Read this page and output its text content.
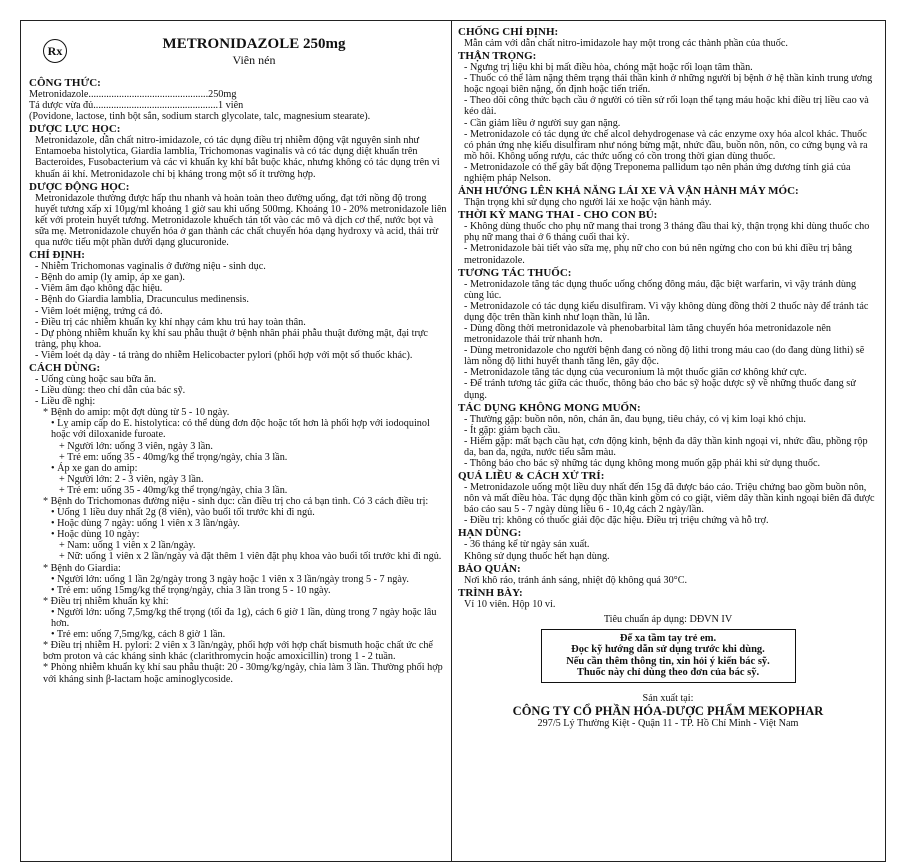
Rx	METRONIDAZOLE 250mg
Viên nén
CÔNG THỨC:
Metronidazole ............................................... 250mg
Tá dược vừa đủ ................................................. 1 viên
(Povidone, lactose, tinh bột sắn, sodium starch glycolate, talc, magnesium stearate).
DƯỢC LỰC HỌC:
Metronidazole, dẫn chất nitro-imidazole, có tác dụng điều trị nhiễm động vật nguyên sinh như Entamoeba histolytica, Giardia lamblia, Trichomonas vaginalis và có tác dụng diệt khuẩn trên Bacteroides, Fusobacterium và các vi khuẩn kỵ khí bắt buộc khác, nhưng không có tác dụng trên vi khuẩn ái khí. Metronidazole chỉ bị kháng trong một số ít trường hợp.
DƯỢC ĐỘNG HỌC:
Metronidazole thường được hấp thu nhanh và hoàn toàn theo đường uống, đạt tới nồng độ trong huyết tương xấp xỉ 10µg/ml khoảng 1 giờ sau khi uống 500mg. Khoảng 10 - 20% metronidazole liên kết với protein huyết tương. Metronidazole khuếch tán tốt vào các mô và dịch cơ thể, nước bọt và sữa mẹ. Metronidazole chuyển hóa ở gan thành các chất chuyển hóa dạng hydroxy và acid, thải trừ qua nước tiểu một phần dưới dạng glucuronide.
CHỈ ĐỊNH:
- Nhiễm Trichomonas vaginalis ở đường niệu - sinh dục.
- Bệnh do amip (lỵ amip, áp xe gan).
- Viêm âm đạo không đặc hiệu.
- Bệnh do Giardia lamblia, Dracunculus medinensis.
- Viêm loét miệng, trứng cá đỏ.
- Điều trị các nhiễm khuẩn kỵ khí nhạy cảm khu trú hay toàn thân.
- Dự phòng nhiễm khuẩn kỵ khí sau phẫu thuật ở bệnh nhân phải phẫu thuật đường mật, đại trực tràng, phụ khoa.
- Viêm loét dạ dày - tá tràng do nhiễm Helicobacter pylori (phối hợp với một số thuốc khác).
CÁCH DÙNG:
- Uống cùng hoặc sau bữa ăn.
- Liều dùng: theo chỉ dẫn của bác sỹ.
- Liều đề nghị:
* Bệnh do amip: một đợt dùng từ 5 - 10 ngày.
• Lỵ amip cấp do E. histolytica: có thể dùng đơn độc hoặc tốt hơn là phối hợp với iodoquinol hoặc với diloxanide furoate.
+ Người lớn: uống 3 viên, ngày 3 lần.
+ Trẻ em: uống 35 - 40mg/kg thể trọng/ngày, chia 3 lần.
• Áp xe gan do amip:
+ Người lớn: 2 - 3 viên, ngày 3 lần.
+ Trẻ em: uống 35 - 40mg/kg thể trọng/ngày, chia 3 lần.
* Bệnh do Trichomonas đường niệu - sinh dục: cần điều trị cho cả bạn tình. Có 3 cách điều trị:
• Uống 1 liều duy nhất 2g (8 viên), vào buổi tối trước khi đi ngủ.
• Hoặc dùng 7 ngày: uống 1 viên x 3 lần/ngày.
• Hoặc dùng 10 ngày:
+ Nam: uống 1 viên x 2 lần/ngày.
+ Nữ: uống 1 viên x 2 lần/ngày và đặt thêm 1 viên đặt phụ khoa vào buổi tối trước khi đi ngủ.
* Bệnh do Giardia:
• Người lớn: uống 1 lần 2g/ngày trong 3 ngày hoặc 1 viên x 3 lần/ngày trong 5 - 7 ngày.
• Trẻ em: uống 15mg/kg thể trọng/ngày, chia 3 lần trong 5 - 10 ngày.
* Điều trị nhiễm khuẩn kỵ khí:
• Người lớn: uống 7,5mg/kg thể trọng (tối đa 1g), cách 6 giờ 1 lần, dùng trong 7 ngày hoặc lâu hơn.
• Trẻ em: uống 7,5mg/kg, cách 8 giờ 1 lần.
* Điều trị nhiễm H. pylori: 2 viên x 3 lần/ngày, phối hợp với hợp chất bismuth hoặc chất ức chế bơm proton và các kháng sinh khác (clarithromycin hoặc amoxicillin) trong 1 - 2 tuần.
* Phòng nhiễm khuẩn kỵ khí sau phẫu thuật: 20 - 30mg/kg/ngày, chia làm 3 lần. Thường phối hợp với kháng sinh β-lactam hoặc aminoglycoside.
CHỐNG CHỈ ĐỊNH:
Mẫn cảm với dẫn chất nitro-imidazole hay một trong các thành phần của thuốc.
THẬN TRỌNG:
- Ngưng trị liệu khi bị mất điều hòa, chóng mặt hoặc rối loạn tâm thần.
- Thuốc có thể làm nặng thêm trạng thái thần kinh ở những người bị bệnh ở hệ thần kinh trung ương hoặc ngoại biên nặng, ổn định hoặc tiến triển.
- Theo dõi công thức bạch cầu ở người có tiền sử rối loạn thể tạng máu hoặc khi điều trị liều cao và kéo dài.
- Cần giảm liều ở người suy gan nặng.
- Metronidazole có tác dụng ức chế alcol dehydrogenase và các enzyme oxy hóa alcol khác. Thuốc có phản ứng nhẹ kiểu disulfiram như nóng bừng mặt, nhức đầu, buồn nôn, nôn, co cứng bụng và ra mồ hôi. Không uống rượu, các thức uống có cồn trong thời gian dùng thuốc.
- Metronidazole có thể gây bất động Treponema pallidum tạo nên phản ứng dương tính giả của nghiệm pháp Nelson.
ẢNH HƯỞNG LÊN KHẢ NĂNG LÁI XE VÀ VẬN HÀNH MÁY MÓC:
Thận trọng khi sử dụng cho người lái xe hoặc vận hành máy.
THỜI KỲ MANG THAI - CHO CON BÚ:
- Không dùng thuốc cho phụ nữ mang thai trong 3 tháng đầu thai kỳ, thận trọng khi dùng thuốc cho phụ nữ mang thai ở 6 tháng cuối thai kỳ.
- Metronidazole bài tiết vào sữa mẹ, phụ nữ cho con bú nên ngừng cho con bú khi điều trị bằng metronidazole.
TƯƠNG TÁC THUỐC:
- Metronidazole tăng tác dụng thuốc uống chống đông máu, đặc biệt warfarin, vì vậy tránh dùng cùng lúc.
- Metronidazole có tác dụng kiểu disulfiram. Vì vậy không dùng đồng thời 2 thuốc này để tránh tác dụng độc trên thần kinh như loạn thần, lú lẫn.
- Dùng đồng thời metronidazole và phenobarbital làm tăng chuyển hóa metronidazole nên metronidazole thải trừ nhanh hơn.
- Dùng metronidazole cho người bệnh đang có nồng độ lithi trong máu cao (do đang dùng lithi) sẽ làm nồng độ lithi huyết thanh tăng lên, gây độc.
- Metronidazole tăng tác dụng của vecuronium là một thuốc giãn cơ không khử cực.
- Để tránh tương tác giữa các thuốc, thông báo cho bác sỹ hoặc dược sỹ về những thuốc đang sử dụng.
TÁC DỤNG KHÔNG MONG MUỐN:
- Thường gặp: buồn nôn, nôn, chán ăn, đau bụng, tiêu chảy, có vị kim loại khó chịu.
- Ít gặp: giảm bạch cầu.
- Hiếm gặp: mất bạch cầu hạt, cơn động kinh, bệnh đa dây thần kinh ngoại vi, nhức đầu, phồng rộp da, ban da, ngứa, nước tiểu sẫm màu.
- Thông báo cho bác sỹ những tác dụng không mong muốn gặp phải khi sử dụng thuốc.
QUÁ LIỀU & CÁCH XỬ TRÍ:
- Metronidazole uống một liều duy nhất đến 15g đã được báo cáo. Triệu chứng bao gồm buồn nôn, nôn và mất điều hòa. Tác dụng độc thần kinh gồm có co giật, viêm dây thần kinh ngoại biên đã được báo cáo sau 5 - 7 ngày dùng liều 6 - 10,4g cách 2 ngày/lần.
- Điều trị: không có thuốc giải độc đặc hiệu. Điều trị triệu chứng và hỗ trợ.
HẠN DÙNG:
- 36 tháng kể từ ngày sản xuất.
Không sử dụng thuốc hết hạn dùng.
BẢO QUẢN:
Nơi khô ráo, tránh ánh sáng, nhiệt độ không quá 30°C.
TRÌNH BÀY:
Vỉ 10 viên. Hộp 10 vỉ.
Tiêu chuẩn áp dụng: DĐVN IV
Để xa tầm tay trẻ em.
Đọc kỹ hướng dẫn sử dụng trước khi dùng.
Nếu cần thêm thông tin, xin hỏi ý kiến bác sỹ.
Thuốc này chỉ dùng theo đơn của bác sỹ.
Sản xuất tại:
CÔNG TY CỔ PHẦN HÓA-DƯỢC PHẨM MEKOPHAR
297/5 Lý Thường Kiệt - Quận 11 - TP. Hồ Chí Minh - Việt Nam
